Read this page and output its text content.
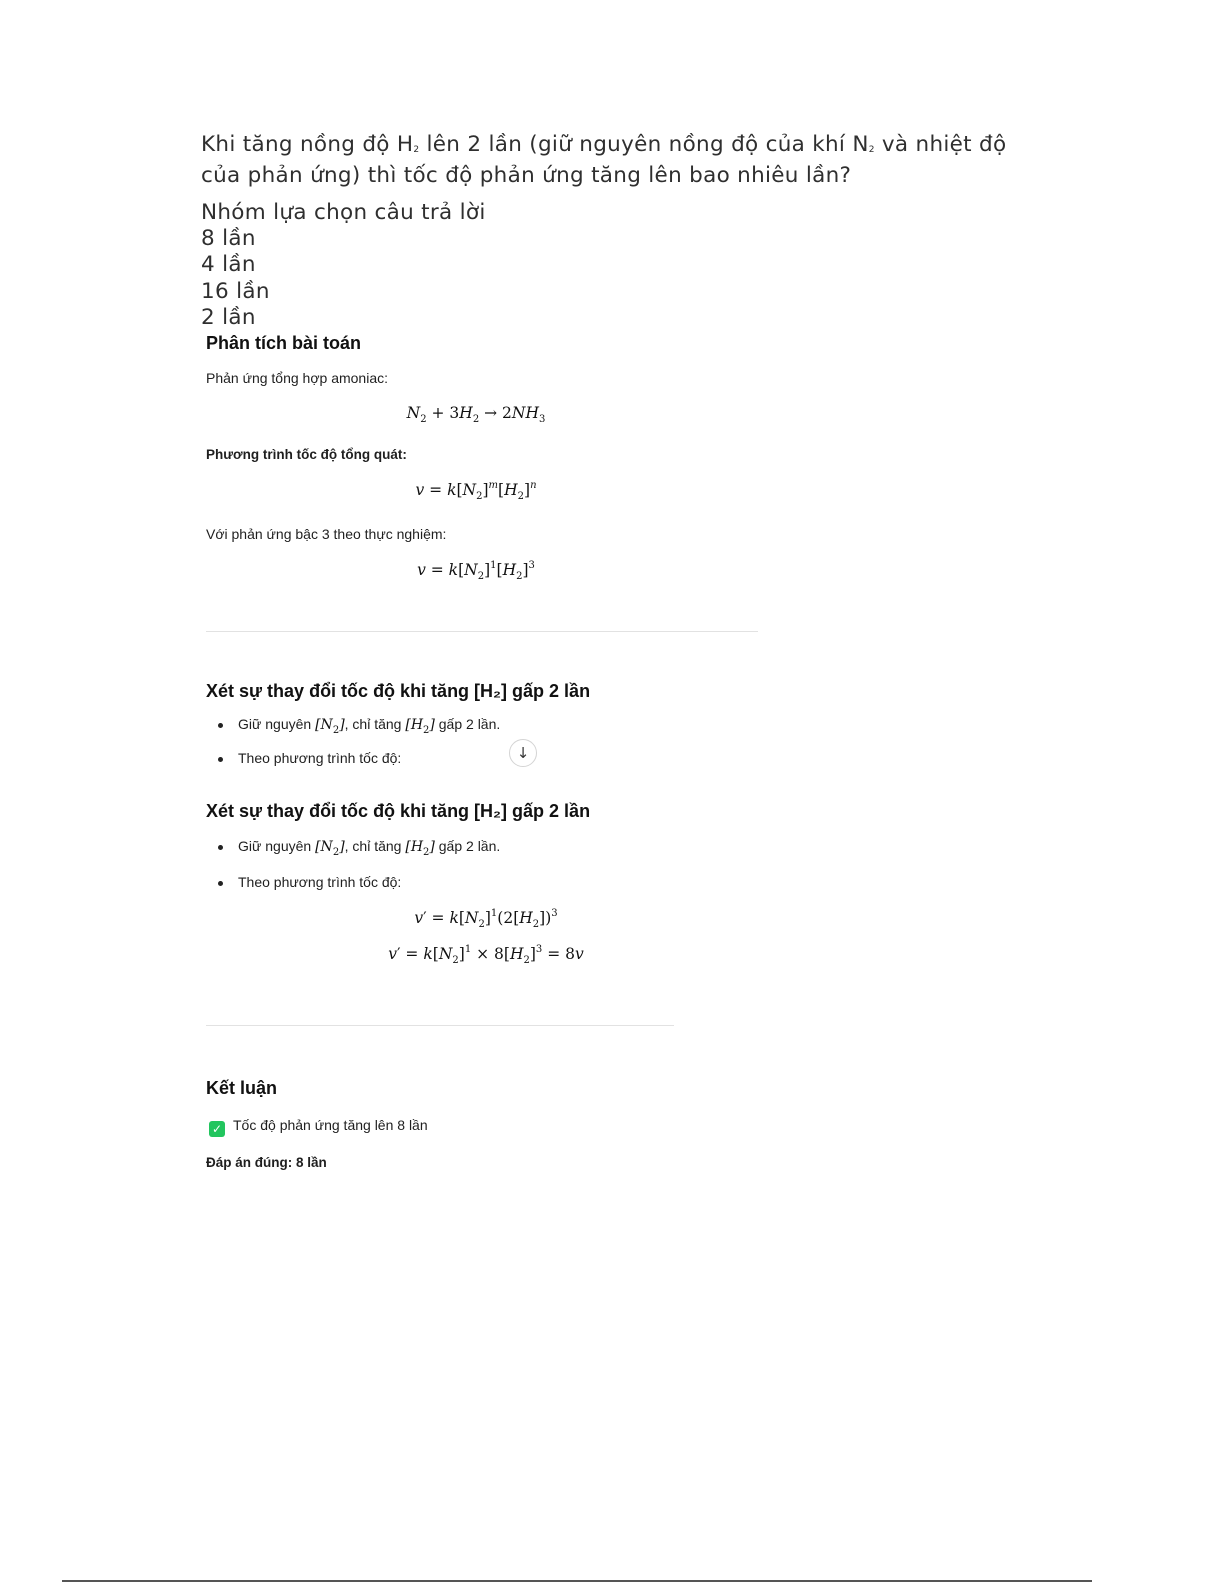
Khi tăng nồng độ $H_2$ lên 2 lần (giữ nguyên nồng độ của khí $N_2$ và nhiệt độ của phản ứng) thì tốc độ phản ứng tăng lên bao nhiêu lần?
Nhóm lựa chọn câu trả lời
8 lần
4 lần
16 lần
2 lần
Phân tích bài toán

Phản ứng tổng hợp amoniac:

$N_2 + 3H_2 \to 2NH_3$

Phương trình tốc độ tổng quát:

$v = k[N_2]^m[H_2]^n$

Với phản ứng bậc 3 theo thực nghiệm:

$v = k[N_2]^1[H_2]^3$
Xét sự thay đổi tốc độ khi tăng [H₂] gấp 2 lần
Giữ nguyên $[N_2]$, chỉ tăng $[H_2]$ gấp 2 lần.
Theo phương trình tốc độ:	↓
Xét sự thay đổi tốc độ khi tăng [H₂] gấp 2 lần
Giữ nguyên $[N_2]$, chỉ tăng $[H_2]$ gấp 2 lần.
Theo phương trình tốc độ:
$v' = k[N_2]^1(2[H_2])^3$
$v' = k[N_2]^1 \times 8[H_2]^3 = 8v$
Kết luận

✓ Tốc độ phản ứng tăng lên 8 lần

Đáp án đúng: 8 lần
